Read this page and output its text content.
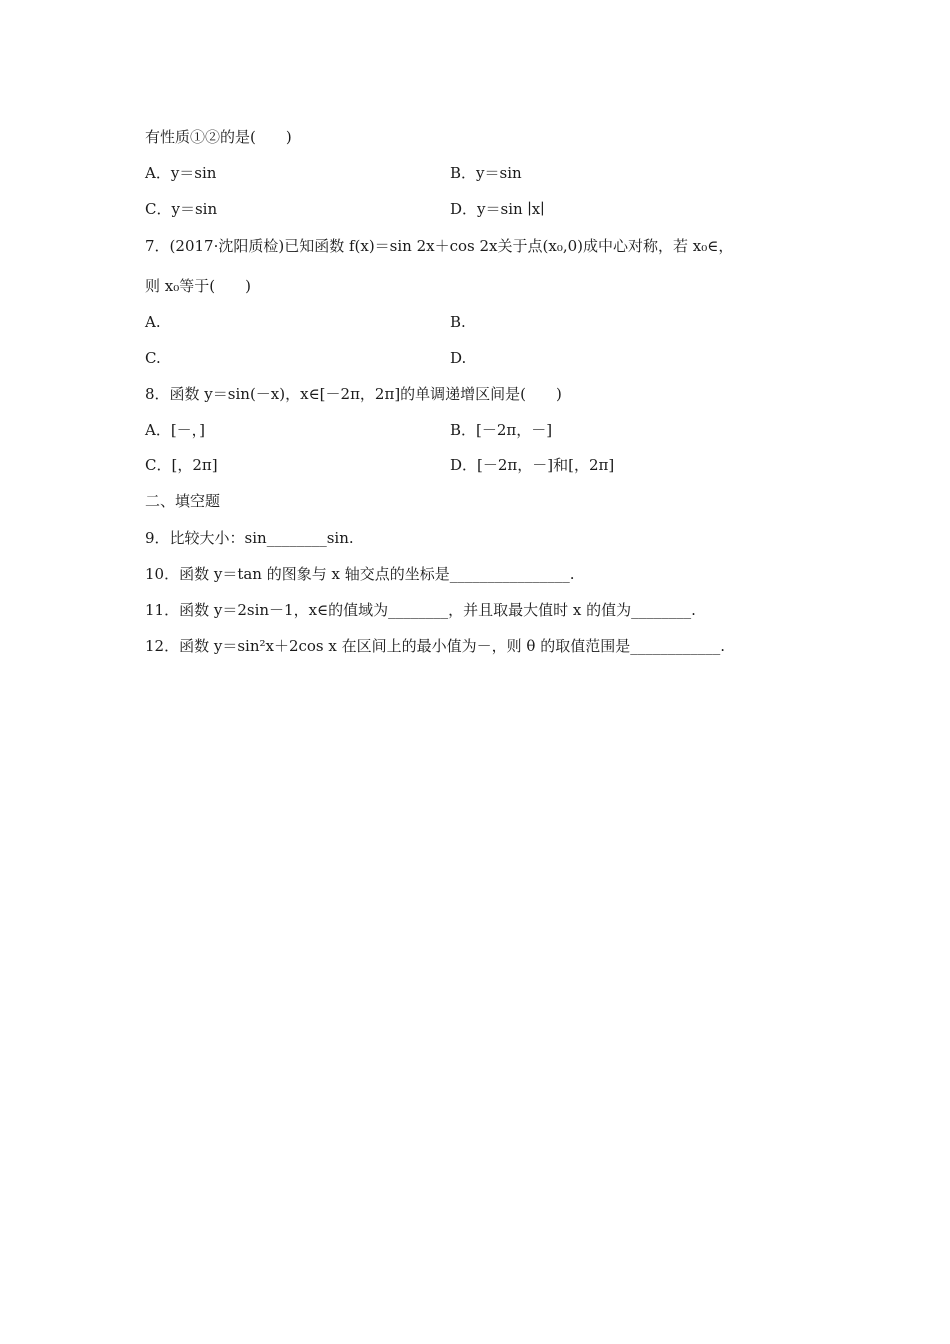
有性质①②的是(　　)
A．y＝sin	B．y＝sin
C．y＝sin	D．y＝sin ∣x∣
7．(2017·沈阳质检)已知函数 f(x)＝sin 2x＋cos 2x关于点(x₀,0)成中心对称，若 x₀∈，
则 x₀等于(　　)
A.	B.
C.	D.
8．函数 y＝sin(－x)，x∈[－2π，2π]的单调递增区间是(　　)
A．[－，]	B．[－2π，－]
C．[，2π]	D．[－2π，－]和[，2π]
二、填空题
9．比较大小：sin________sin.
10．函数 y＝tan 的图象与 x 轴交点的坐标是________________.
11．函数 y＝2sin－1，x∈的值域为________，并且取最大值时 x 的值为________.
12．函数 y＝sin²x＋2cos x 在区间上的最小值为－，则 θ 的取值范围是____________.
